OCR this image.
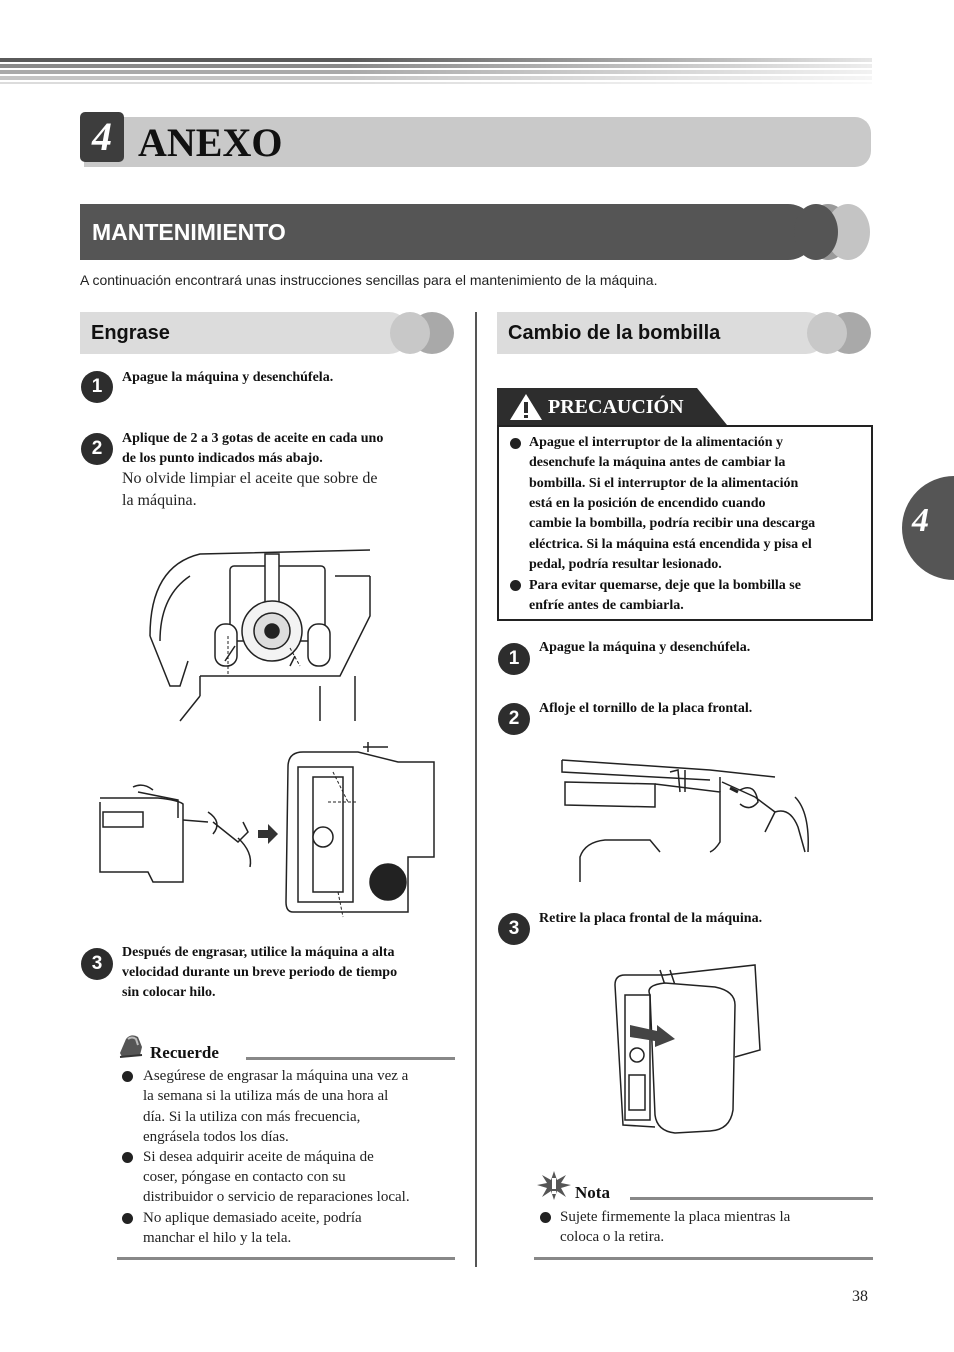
4 ANEXO
MANTENIMIENTO
A continuación encontrará unas instrucciones sencillas para el mantenimiento de la máquina.
Engrase
1	Apague la máquina y desenchúfela.
2	Aplique de 2 a 3 gotas de aceite en cada uno
de los punto indicados más abajo.
No olvide limpiar el aceite que sobre de
la máquina.
3
Después de engrasar, utilice la máquina a alta
velocidad durante un breve periodo de tiempo
sin colocar hilo.
Recuerde
Asegúrese de engrasar la máquina una vez a
la semana si la utiliza más de una hora al
día. Si la utiliza con más frecuencia,
engrásela todos los días.
Si desea adquirir aceite de máquina de
coser, póngase en contacto con su
distribuidor o servicio de reparaciones local.
No aplique demasiado aceite, podría
manchar el hilo y la tela.
Cambio de la bombilla
PRECAUCIÓN
Apague el interruptor de la alimentación y
desenchufe la máquina antes de cambiar la
bombilla. Si el interruptor de la alimentación
está en la posición de encendido cuando
cambie la bombilla, podría recibir una descarga
eléctrica. Si la máquina está encendida y pisa el
pedal, podría resultar lesionado.
Para evitar quemarse, deje que la bombilla se
enfríe antes de cambiarla.
1
Apague la máquina y desenchúfela.
2	Afloje el tornillo de la placa frontal.
3	Retire la placa frontal de la máquina.
Nota
Sujete firmemente la placa mientras la
coloca o la retira.
4
38
